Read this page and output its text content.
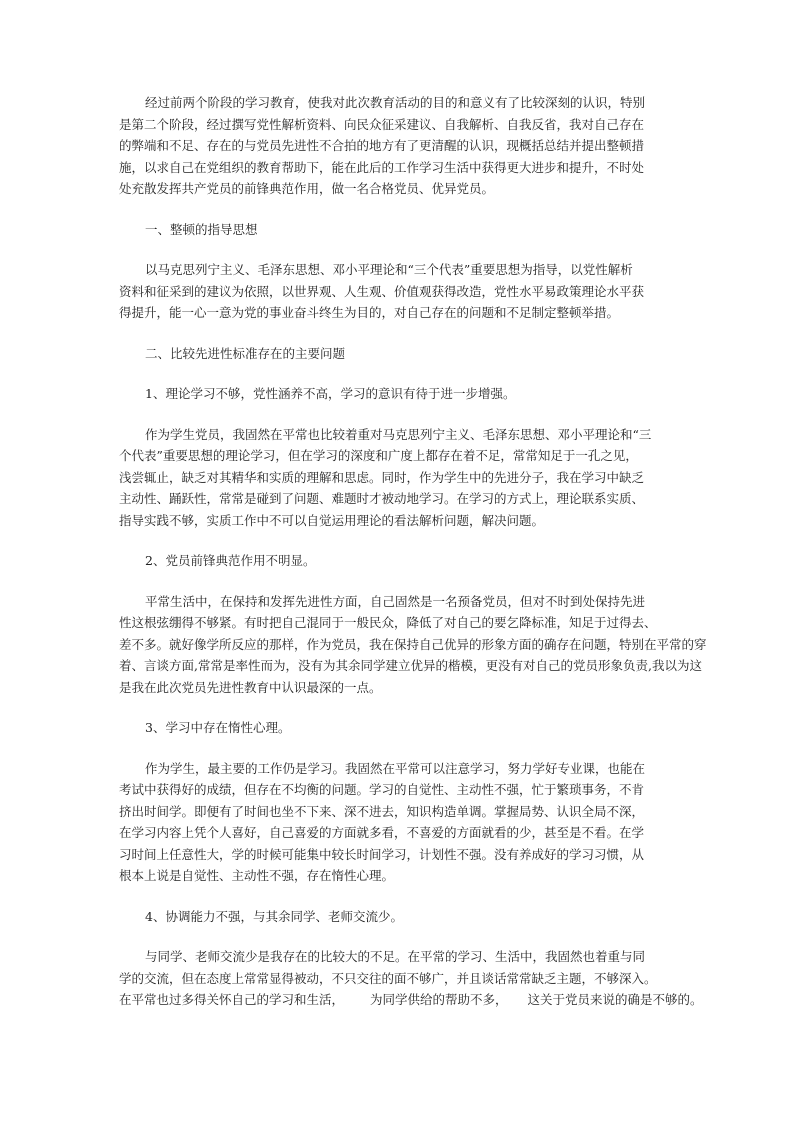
经过前两个阶段的学习教育，使我对此次教育活动的目的和意义有了比较深刻的认识，特别
是第二个阶段，经过撰写党性解析资料、向民众征采建议、自我解析、自我反省，我对自己存在
的弊端和不足、存在的与党员先进性不合拍的地方有了更清醒的认识，现概括总结并提出整顿措
施，以求自己在党组织的教育帮助下，能在此后的工作学习生活中获得更大进步和提升，不时处
处充散发挥共产党员的前锋典范作用，做一名合格党员、优异党员。

一、整顿的指导思想

以马克思列宁主义、毛泽东思想、邓小平理论和“三个代表”重要思想为指导，以党性解析
资料和征采到的建议为依照，以世界观、人生观、价值观获得改造，党性水平易政策理论水平获
得提升，能一心一意为党的事业奋斗终生为目的，对自己存在的问题和不足制定整顿举措。

二、比较先进性标准存在的主要问题

1、理论学习不够，党性涵养不高，学习的意识有待于进一步增强。

作为学生党员，我固然在平常也比较着重对马克思列宁主义、毛泽东思想、邓小平理论和“三
个代表”重要思想的理论学习，但在学习的深度和广度上都存在着不足，常常知足于一孔之见，
浅尝辄止，缺乏对其精华和实质的理解和思虑。同时，作为学生中的先进分子，我在学习中缺乏
主动性、踊跃性，常常是碰到了问题、难题时才被动地学习。在学习的方式上，理论联系实质、
指导实践不够，实质工作中不可以自觉运用理论的看法解析问题，解决问题。

2、党员前锋典范作用不明显。

平常生活中，在保持和发挥先进性方面，自己固然是一名预备党员，但对不时到处保持先进
性这根弦绷得不够紧。有时把自己混同于一般民众，降低了对自己的要乞降标准，知足于过得去、
差不多。就好像学所反应的那样，作为党员，我在保持自己优异的形象方面的确存在问题，特别在平常的穿
着、言谈方面,常常是率性而为，没有为其余同学建立优异的楷模，更没有对自己的党员形象负责,我以为这
是我在此次党员先进性教育中认识最深的一点。

3、学习中存在惰性心理。

作为学生，最主要的工作仍是学习。我固然在平常可以注意学习，努力学好专业课，也能在
考试中获得好的成绩，但存在不均衡的问题。学习的自觉性、主动性不强，忙于繁琐事务，不肯
挤出时间学。即便有了时间也坐不下来、深不进去，知识构造单调。掌握局势、认识全局不深，
在学习内容上凭个人喜好，自己喜爱的方面就多看，不喜爱的方面就看的少，甚至是不看。在学
习时间上任意性大，学的时候可能集中较长时间学习，计划性不强。没有养成好的学习习惯，从
根本上说是自觉性、主动性不强，存在惰性心理。

4、协调能力不强，与其余同学、老师交流少。

与同学、老师交流少是我存在的比较大的不足。在平常的学习、生活中，我固然也着重与同
学的交流，但在态度上常常显得被动，不只交往的面不够广，并且谈话常常缺乏主题，不够深入。
在平常也过多得关怀自己的学习和生活， 为同学供给的帮助不多， 这关于党员来说的确是不够的。
